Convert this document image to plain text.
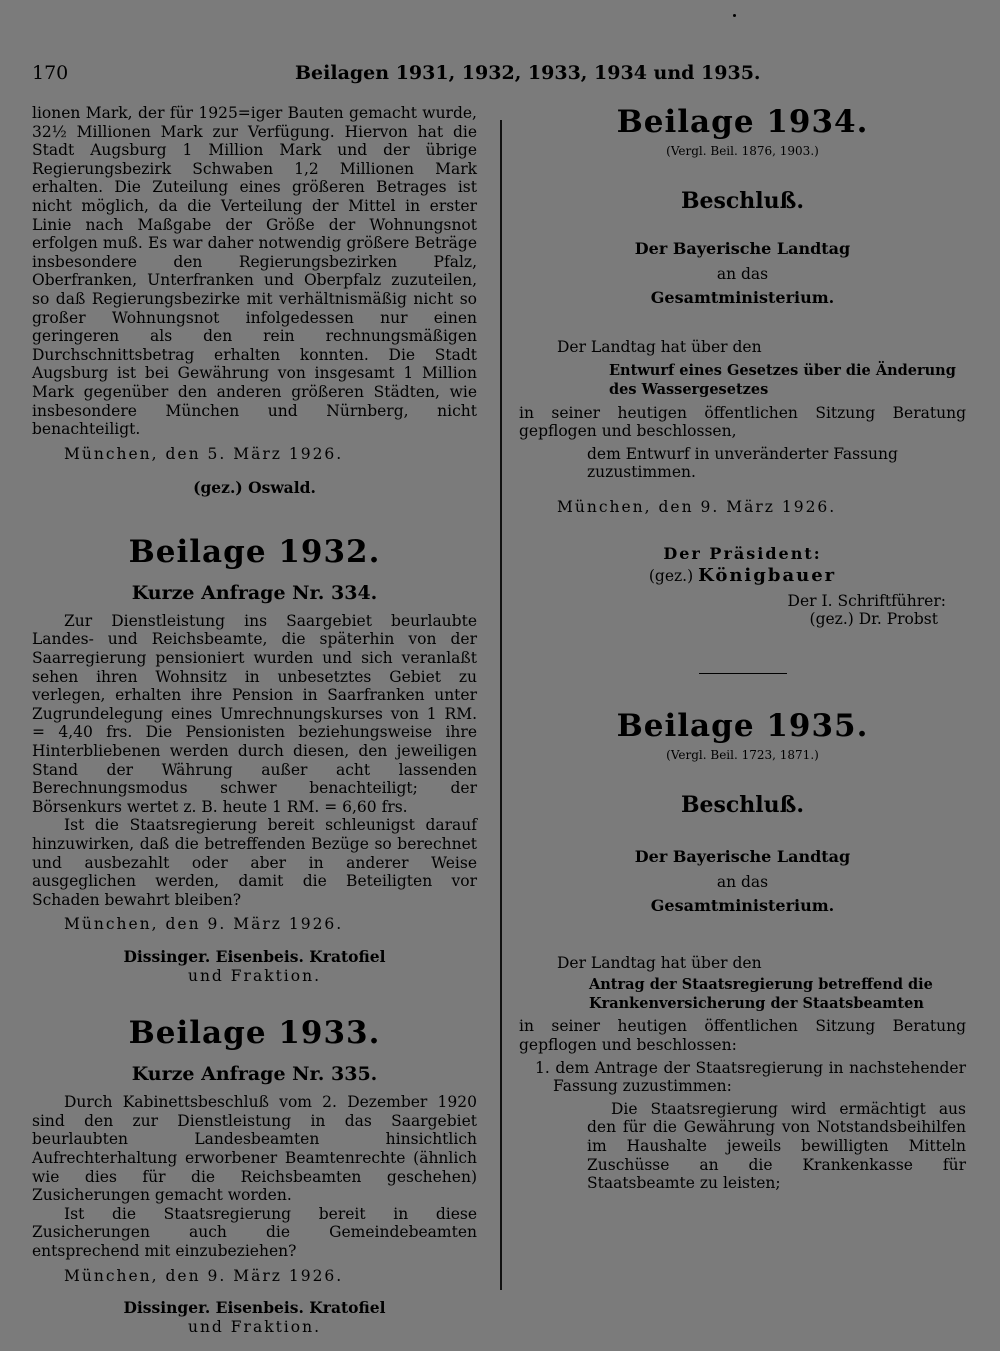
170	Beilagen 1931, 1932, 1933, 1934 und 1935.

lionen Mark, der für 1925=iger Bauten gemacht wurde, 32½ Millionen Mark zur Verfügung. Hiervon hat die Stadt Augsburg 1 Million Mark und der übrige Regierungsbezirk Schwaben 1,2 Millionen Mark erhalten. Die Zuteilung eines größeren Betrages ist nicht möglich, da die Verteilung der Mittel in erster Linie nach Maßgabe der Größe der Wohnungsnot erfolgen muß. Es war daher notwendig größere Beträge insbesondere den Regierungsbezirken Pfalz, Oberfranken, Unterfranken und Oberpfalz zuzuteilen, so daß Regierungsbezirke mit verhältnismäßig nicht so großer Wohnungsnot infolgedessen nur einen geringeren als den rein rechnungsmäßigen Durchschnittsbetrag erhalten konnten. Die Stadt Augsburg ist bei Gewährung von insgesamt 1 Million Mark gegenüber den anderen größeren Städten, wie insbesondere München und Nürnberg, nicht benachteiligt.

München, den 5. März 1926.

(gez.) Oswald.

Beilage 1932.

Kurze Anfrage Nr. 334.

Zur Dienstleistung ins Saargebiet beurlaubte Landes- und Reichsbeamte, die späterhin von der Saarregierung pensioniert wurden und sich veranlaßt sehen ihren Wohnsitz in unbesetztes Gebiet zu verlegen, erhalten ihre Pension in Saarfranken unter Zugrundelegung eines Umrechnungskurses von 1 RM. = 4,40 frs. Die Pensionisten beziehungsweise ihre Hinterbliebenen werden durch diesen, den jeweiligen Stand der Währung außer acht lassenden Berechnungsmodus schwer benachteiligt; der Börsenkurs wertet z. B. heute 1 RM. = 6,60 frs.

Ist die Staatsregierung bereit schleunigst darauf hinzuwirken, daß die betreffenden Bezüge so berechnet und ausbezahlt oder aber in anderer Weise ausgeglichen werden, damit die Beteiligten vor Schaden bewahrt bleiben?

München, den 9. März 1926.

Dissinger. Eisenbeis. Kratofiel

und Fraktion.

Beilage 1933.

Kurze Anfrage Nr. 335.

Durch Kabinettsbeschluß vom 2. Dezember 1920 sind den zur Dienstleistung in das Saargebiet beurlaubten Landesbeamten hinsichtlich Aufrechterhaltung erworbener Beamtenrechte (ähnlich wie dies für die Reichsbeamten geschehen) Zusicherungen gemacht worden.

Ist die Staatsregierung bereit in diese Zusicherungen auch die Gemeindebeamten entsprechend mit einzubeziehen?

München, den 9. März 1926.

Dissinger. Eisenbeis. Kratofiel

und Fraktion.

Beilage 1934.

(Vergl. Beil. 1876, 1903.)

Beschluß.

Der Bayerische Landtag

an das

Gesamtministerium.

Der Landtag hat über den

Entwurf eines Gesetzes über die Änderung des Wassergesetzes

in seiner heutigen öffentlichen Sitzung Beratung gepflogen und beschlossen,

dem Entwurf in unveränderter Fassung zuzustimmen.

München, den 9. März 1926.

Der Präsident:

(gez.) Königbauer

Der I. Schriftführer:

(gez.) Dr. Probst

Beilage 1935.

(Vergl. Beil. 1723, 1871.)

Beschluß.

Der Bayerische Landtag

an das

Gesamtministerium.

Der Landtag hat über den

Antrag der Staatsregierung betreffend die Krankenversicherung der Staatsbeamten

in seiner heutigen öffentlichen Sitzung Beratung gepflogen und beschlossen:

1. dem Antrage der Staatsregierung in nachstehender Fassung zuzustimmen:

Die Staatsregierung wird ermächtigt aus den für die Gewährung von Notstandsbeihilfen im Haushalte jeweils bewilligten Mitteln Zuschüsse an die Krankenkasse für Staatsbeamte zu leisten;
